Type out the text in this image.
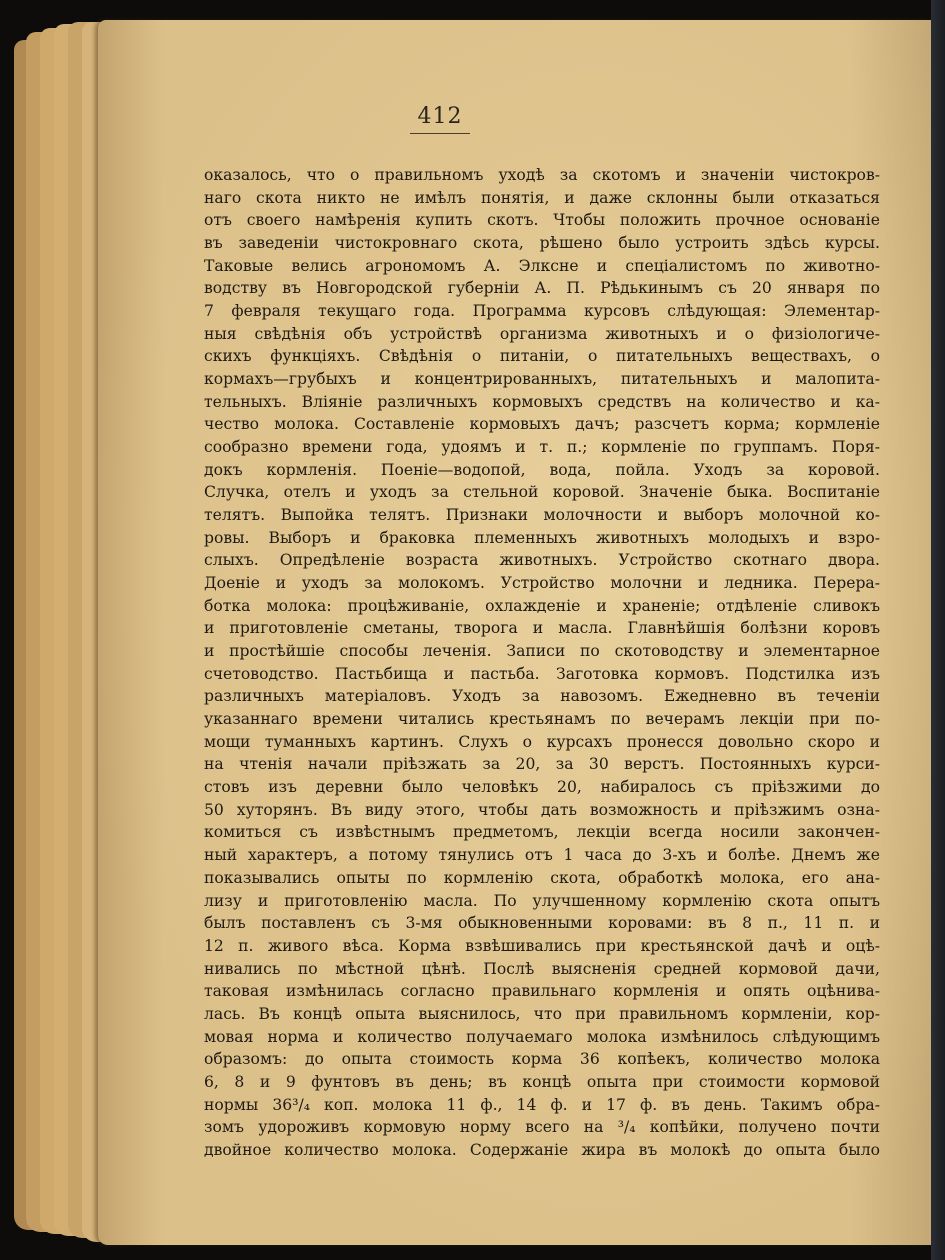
412
оказалось, что о правильномъ уходѣ за скотомъ и значеніи чистокров-
наго скота никто не имѣлъ понятія, и даже склонны были отказаться
отъ своего намѣренія купить скотъ. Чтобы положить прочное основаніе
въ заведеніи чистокровнаго скота, рѣшено было устроить здѣсь курсы.
Таковые велись агрономомъ А. Элксне и спеціалистомъ по животно-
водству въ Новгородской губерніи А. П. Рѣдькинымъ съ 20 января по
7 февраля текущаго года. Программа курсовъ слѣдующая: Элементар-
ныя свѣдѣнія объ устройствѣ организма животныхъ и о физіологичe-
скихъ функціяхъ. Свѣдѣнія о питаніи, о питательныхъ веществахъ, о
кормахъ—грубыхъ и концентрированныхъ, питательныхъ и малопита-
тельныхъ. Вліяніе различныхъ кормовыхъ средствъ на количество и ка-
чество молока. Составленіе кормовыхъ дачъ; разсчетъ корма; кормленіе
сообразно времени года, удоямъ и т. п.; кормленіе по группамъ. Поря-
докъ кормленія. Поеніе—водопой, вода, пойла. Уходъ за коровой.
Случка, отелъ и уходъ за стельной коровой. Значеніе быка. Воспитаніе
телятъ. Выпойка телятъ. Признаки молочности и выборъ молочной ко-
ровы. Выборъ и браковка племенныхъ животныхъ молодыхъ и взро-
слыхъ. Опредѣленіе возраста животныхъ. Устройство скотнаго двора.
Доеніе и уходъ за молокомъ. Устройство молочни и ледника. Перера-
ботка молока: процѣживаніе, охлажденіе и храненіе; отдѣленіе сливокъ
и приготовленіе сметаны, творога и масла. Главнѣйшія болѣзни коровъ
и простѣйшіе способы леченія. Записи по скотоводству и элементарное
счетоводство. Пастьбища и пастьба. Заготовка кормовъ. Подстилка изъ
различныхъ матеріаловъ. Уходъ за навозомъ. Ежедневно въ теченіи
указаннаго времени читались крестьянамъ по вечерамъ лекціи при по-
мощи туманныхъ картинъ. Слухъ о курсахъ пронесся довольно скоро и
на чтенія начали пріѣзжать за 20, за 30 верстъ. Постоянныхъ курси-
стовъ изъ деревни было человѣкъ 20, набиралось съ пріѣзжими до
50 хуторянъ. Въ виду этого, чтобы дать возможность и пріѣзжимъ озна-
комиться съ извѣстнымъ предметомъ, лекціи всегда носили закончен-
ный характеръ, а потому тянулись отъ 1 часа до 3-хъ и болѣе. Днемъ же
показывались опыты по кормленію скота, обработкѣ молока, его ана-
лизу и приготовленію масла. По улучшенному кормленію скота опытъ
былъ поставленъ съ 3-мя обыкновенными коровами: въ 8 п., 11 п. и
12 п. живого вѣса. Корма взвѣшивались при крестьянской дачѣ и оцѣ-
нивались по мѣстной цѣнѣ. Послѣ выясненія средней кормовой дачи,
таковая измѣнилась согласно правильнаго кормленія и опять оцѣнива-
лась. Въ концѣ опыта выяснилось, что при правильномъ кормленіи, кор-
мовая норма и количество получаемаго молока измѣнилось слѣдующимъ
образомъ: до опыта стоимость корма 36 копѣекъ, количество молока
6, 8 и 9 фунтовъ въ день; въ концѣ опыта при стоимости кормовой
нормы 36³/₄ коп. молока 11 ф., 14 ф. и 17 ф. въ день. Такимъ обра-
зомъ удороживъ кормовую норму всего на ³/₄ копѣйки, получено почти
двойное количество молока. Содержаніе жира въ молокѣ до опыта было
